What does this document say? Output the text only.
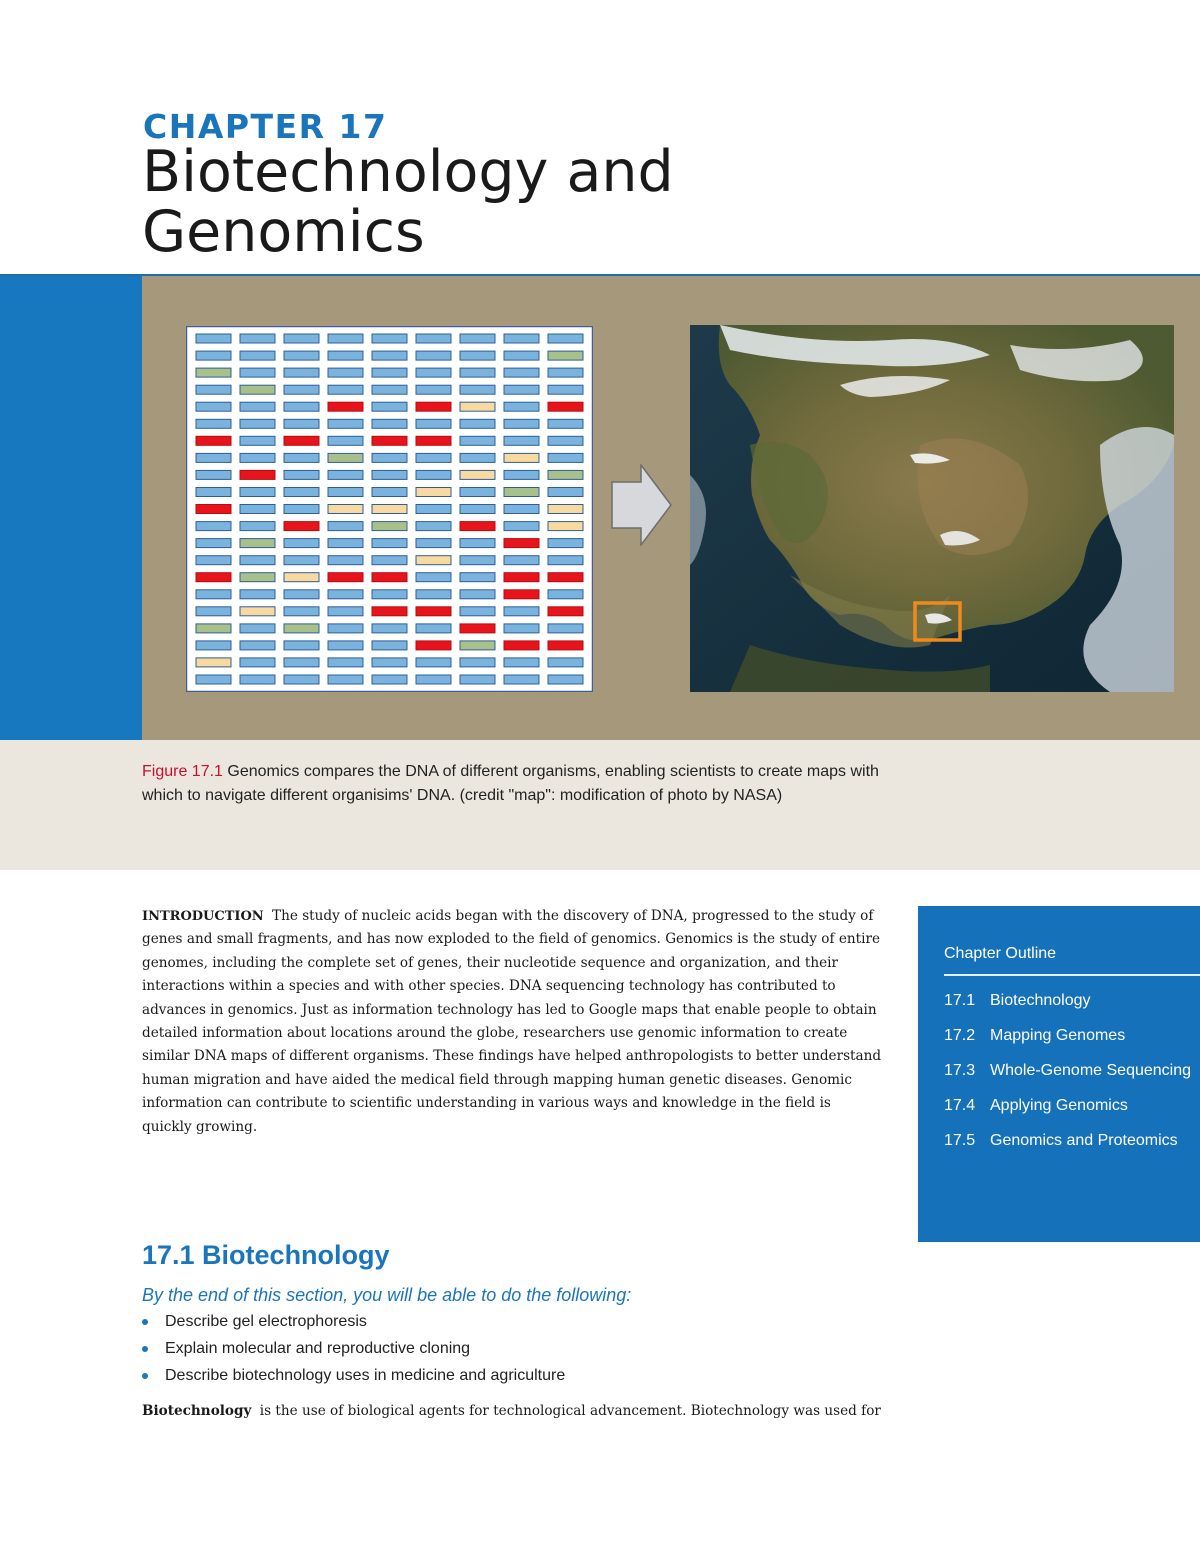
CHAPTER 17
Biotechnology and
Genomics
Figure 17.1 Genomics compares the DNA of different organisms, enabling scientists to create maps with which to navigate different organisims' DNA. (credit "map": modification of photo by NASA)
INTRODUCTION The study of nucleic acids began with the discovery of DNA, progressed to the study of genes and small fragments, and has now exploded to the field of genomics. Genomics is the study of entire genomes, including the complete set of genes, their nucleotide sequence and organization, and their interactions within a species and with other species. DNA sequencing technology has contributed to advances in genomics. Just as information technology has led to Google maps that enable people to obtain detailed information about locations around the globe, researchers use genomic information to create similar DNA maps of different organisms. These findings have helped anthropologists to better understand human migration and have aided the medical field through mapping human genetic diseases. Genomic information can contribute to scientific understanding in various ways and knowledge in the field is quickly growing.
Chapter Outline
17.1 Biotechnology
17.2 Mapping Genomes
17.3 Whole-Genome Sequencing
17.4 Applying Genomics
17.5 Genomics and Proteomics
17.1 Biotechnology
By the end of this section, you will be able to do the following:
Describe gel electrophoresis
Explain molecular and reproductive cloning
Describe biotechnology uses in medicine and agriculture
Biotechnology is the use of biological agents for technological advancement. Biotechnology was used for
